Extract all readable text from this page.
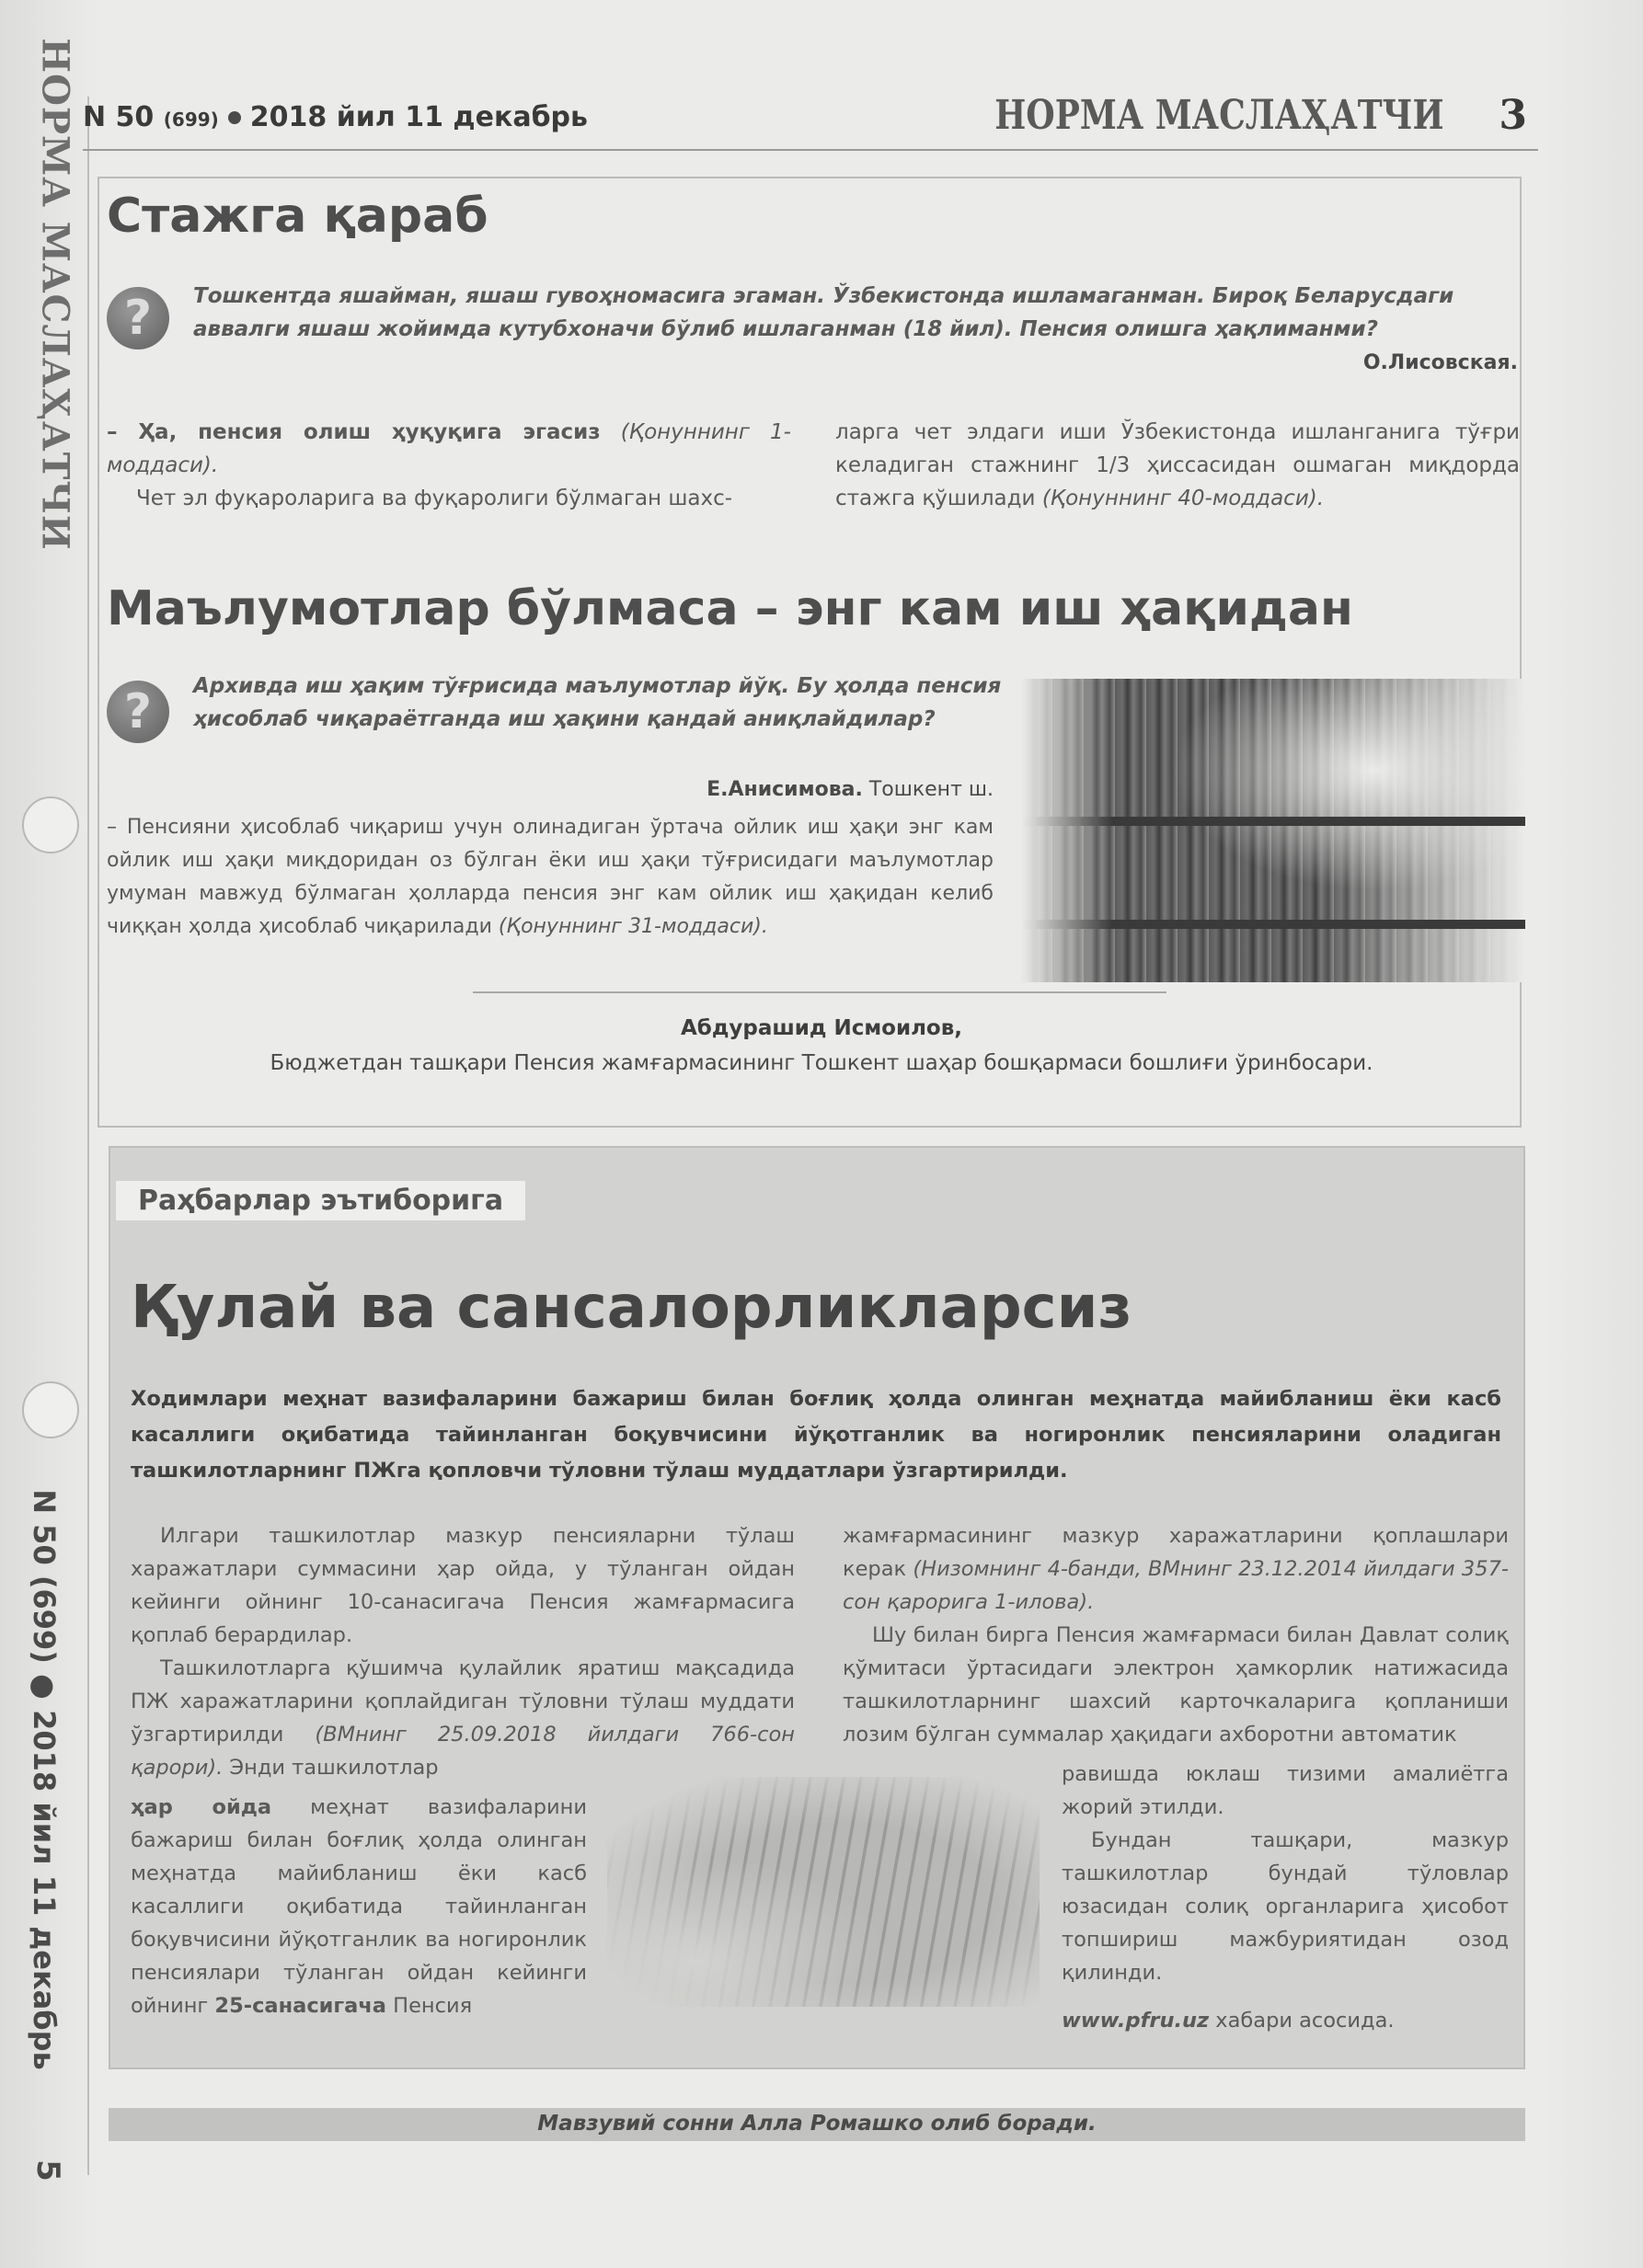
НОРМА МАСЛАҲАТЧИ
N 50 (699) ● 2018 йил 11 декабрь
5
N 50 (699) 2018 йил 11 декабрь	НОРМА МАСЛАҲАТЧИ 3
Стажга қараб
?	Тошкентда яшайман, яшаш гувоҳномасига эгаман. Ўзбекистонда ишламаганман. Бироқ Беларусдаги аввалги яшаш жойимда кутубхоначи бўлиб ишлаганман (18 йил). Пенсия олишга ҳақлиманми?
О.Лисовская.

– Ҳа, пенсия олиш ҳуқуқига эгасиз (Қонуннинг 1-моддаси).

Чет эл фуқароларига ва фуқаролиги бўлмаган шахс-

ларга чет элдаги иши Ўзбекистонда ишланганига тўғри келадиган стажнинг 1/3 ҳиссасидан ошмаган миқдорда стажга қўшилади (Қонуннинг 40-моддаси).

Маълумотлар бўлмаса – энг кам иш ҳақидан
?	Архивда иш ҳақим тўғрисида маълумотлар йўқ. Бу ҳолда пенсия ҳисоблаб чиқараётганда иш ҳақини қандай аниқлайдилар?
Е.Анисимова. Тошкент ш.

– Пенсияни ҳисоблаб чиқариш учун олинадиган ўртача ойлик иш ҳақи энг кам ойлик иш ҳақи миқдоридан оз бўлган ёки иш ҳақи тўғрисидаги маълумотлар умуман мавжуд бўлмаган ҳолларда пенсия энг кам ойлик иш ҳақидан келиб чиққан ҳолда ҳисоблаб чиқарилади (Қонуннинг 31-моддаси).

Абдурашид Исмоилов,
Бюджетдан ташқари Пенсия жамғармасининг Тошкент шаҳар бошқармаси бошлиғи ўринбосари.
Раҳбарлар эътиборига
Қулай ва сансалорликларсиз
Ходимлари меҳнат вазифаларини бажариш билан боғлиқ ҳолда олинган меҳнатда майибланиш ёки касб касаллиги оқибатида тайинланган боқувчисини йўқотганлик ва ногиронлик пенсияларини оладиган ташкилотларнинг ПЖга қопловчи тўловни тўлаш муддатлари ўзгартирилди.

Илгари ташкилотлар мазкур пенсияларни тўлаш харажатлари суммасини ҳар ойда, у тўланган ойдан кейинги ойнинг 10-санасигача Пенсия жамғармасига қоплаб берардилар.

Ташкилотларга қўшимча қулайлик яратиш мақсадида ПЖ харажатларини қоплайдиган тўловни тўлаш муддати ўзгартирилди (ВМнинг 25.09.2018 йилдаги 766-сон қарори). Энди ташкилотлар

ҳар ойда меҳнат вазифаларини бажариш билан боғлиқ ҳолда олинган меҳнатда майибланиш ёки касб касаллиги оқибатида тайинланган боқувчисини йўқотганлик ва ногиронлик пенсиялари тўланган ойдан кейинги ойнинг 25-санасигача Пенсия

жамғармасининг мазкур харажатларини қоплашлари керак (Низомнинг 4-банди, ВМнинг 23.12.2014 йилдаги 357-сон қарорига 1-илова).

Шу билан бирга Пенсия жамғармаси билан Давлат солиқ қўмитаси ўртасидаги электрон ҳамкорлик натижасида ташкилотларнинг шахсий карточкаларига қопланиши лозим бўлган суммалар ҳақидаги ахборотни автоматик

равишда юклаш тизими амалиётга жорий этилди.

Бундан ташқари, мазкур ташкилотлар бундай тўловлар юзасидан солиқ органларига ҳисобот топшириш мажбуриятидан озод қилинди.

www.pfru.uz хабари асосида.

Мавзувий сонни Алла Ромашко олиб боради.
